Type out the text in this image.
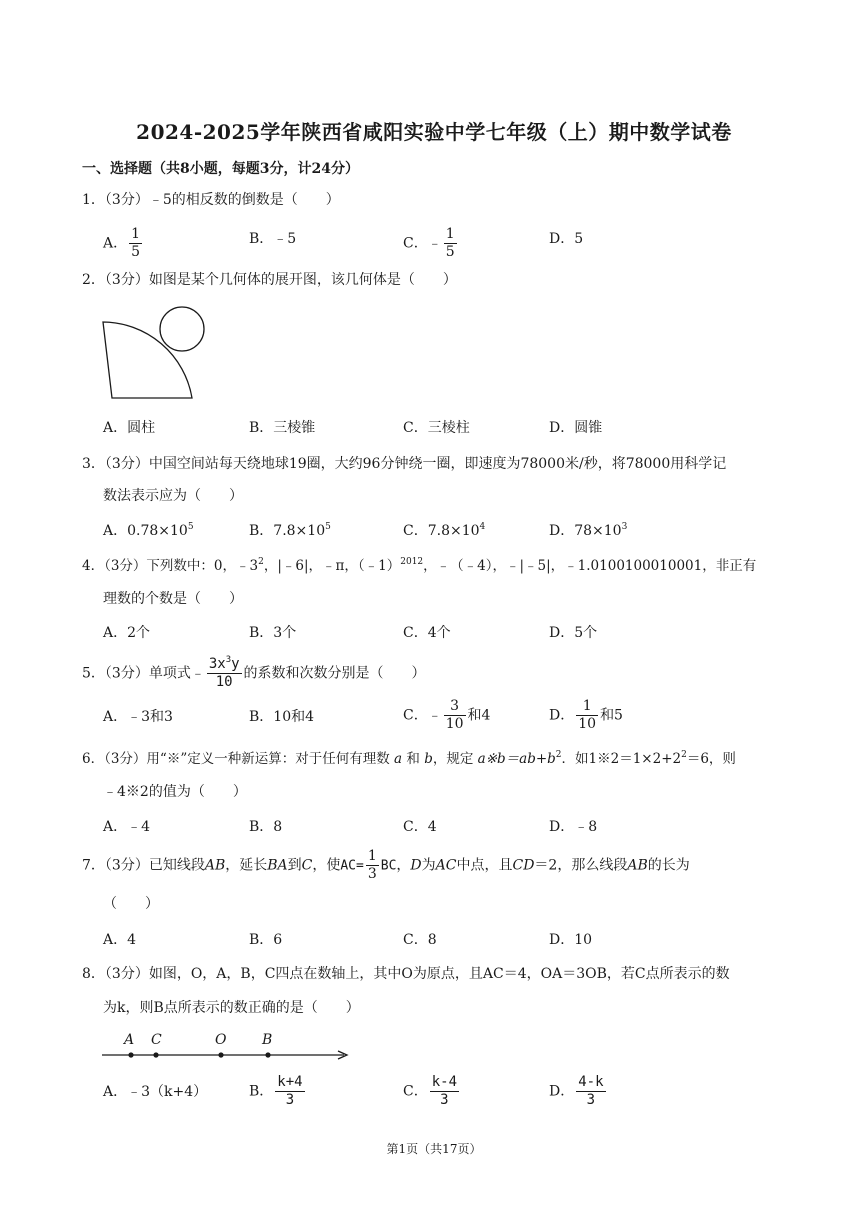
2024-2025学年陕西省咸阳实验中学七年级（上）期中数学试卷
一、选择题（共8小题，每题3分，计24分）
1．（3分）﹣5的相反数的倒数是（　　）
A． $\frac{1}{5}$	B．﹣5	C．﹣ $\frac{1}{5}$	D．5
2．（3分）如图是某个几何体的展开图，该几何体是（　　）
A．圆柱	B．三棱锥	C．三棱柱	D．圆锥
3．（3分）中国空间站每天绕地球19圈，大约96分钟绕一圈，即速度为78000米/秒，将78000用科学记
数法表示应为（　　）
A．$0.78\times 10^5$	B．$7.8\times 10^5$	C．$7.8\times 10^4$	D．$78\times 10^3$
4．（3分）下列数中：0，$﹣3^2$，|﹣6|，﹣π，（﹣1）$^{2012}$，﹣（﹣4），﹣|﹣5|，﹣1.0100100010001，非正有
理数的个数是（　　）
A．2个	B．3个	C．4个	D．5个
5．（3分）单项式﹣ $\frac{3x^3y}{10}$ 的系数和次数分别是（　　）
A．﹣3和3	B．10和4	C．﹣ $\frac{3}{10}$ 和4	D． $\frac{1}{10}$ 和5
6．（3分）用“※”定义一种新运算：对于任何有理数 a 和 b，规定 $a※b=ab+b^2$．如$1※2=1\times 2+2^2=6$，则
﹣4※2的值为（　　）
A．﹣4	B．8	C．4	D．﹣8
7．（3分）已知线段AB，延长BA到C，使$AC= \frac{1}{3}$ BC，D为AC中点，且CD＝2，那么线段AB的长为
（　　）
A．4	B．6	C．8	D．10
8．（3分）如图，O，A，B，C四点在数轴上，其中O为原点，且AC＝4，OA＝3OB，若C点所表示的数
为k，则B点所表示的数正确的是（　　）
A C	O	B
A．﹣3（k+4）	B． $\frac{k+4}{3}$	C． $\frac{k-4}{3}$	D． $\frac{4-k}{3}$
第1页（共17页）
